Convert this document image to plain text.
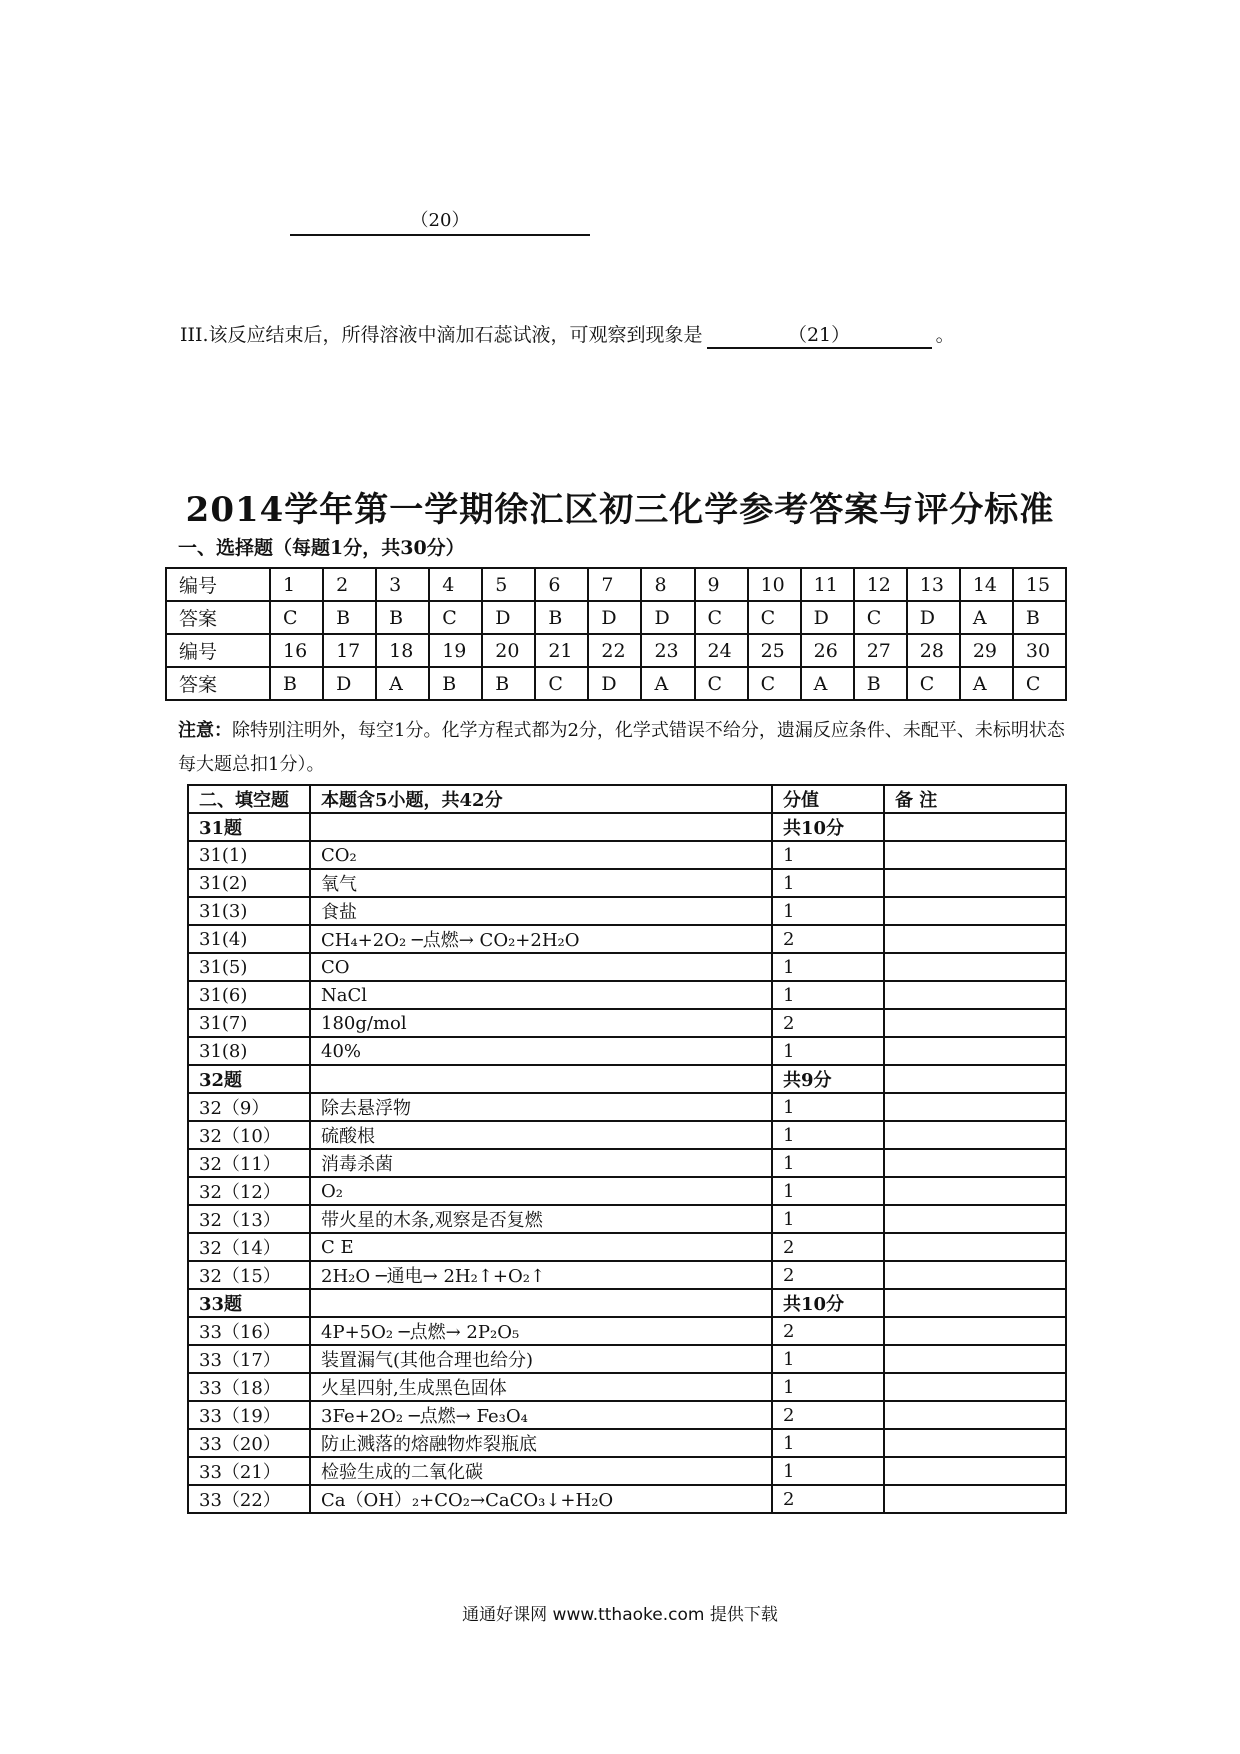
（20）
III.该反应结束后，所得溶液中滴加石蕊试液，可观察到现象是	（21）	。
2014学年第一学期徐汇区初三化学参考答案与评分标准
一、选择题（每题1分，共30分）
编号	1	2	3	4	5	6	7	8	9	10	11	12	13	14	15
答案	C	B	B	C	D	B	D	D	C	C	D	C	D	A	B
编号	16	17	18	19	20	21	22	23	24	25	26	27	28	29	30
答案	B	D	A	B	B	C	D	A	C	C	A	B	C	A	C
注意：除特别注明外，每空1分。化学方程式都为2分，化学式错误不给分，遗漏反应条件、未配平、未标明状态每大题总扣1分）。
二、填空题	本题含5小题，共42分	分值	备 注
31题		共10分	
31(1)	CO₂	1	
31(2)	氧气	1	
31(3)	食盐	1	
31(4)	CH₄+2O₂ ─点燃→ CO₂+2H₂O	2	
31(5)	CO	1	
31(6)	NaCl	1	
31(7)	180g/mol	2	
31(8)	40%	1	
32题		共9分	
32（9）	除去悬浮物	1	
32（10）	硫酸根	1	
32（11）	消毒杀菌	1	
32（12）	O₂	1	
32（13）	带火星的木条,观察是否复燃	1	
32（14）	C E	2	
32（15）	2H₂O ─通电→ 2H₂↑+O₂↑	2	
33题		共10分	
33（16）	4P+5O₂ ─点燃→ 2P₂O₅	2	
33（17）	装置漏气(其他合理也给分)	1	
33（18）	火星四射,生成黑色固体	1	
33（19）	3Fe+2O₂ ─点燃→ Fe₃O₄	2	
33（20）	防止溅落的熔融物炸裂瓶底	1	
33（21）	检验生成的二氧化碳	1	
33（22）	Ca（OH）₂+CO₂→CaCO₃↓+H₂O	2	
通通好课网 www.tthaoke.com 提供下载
